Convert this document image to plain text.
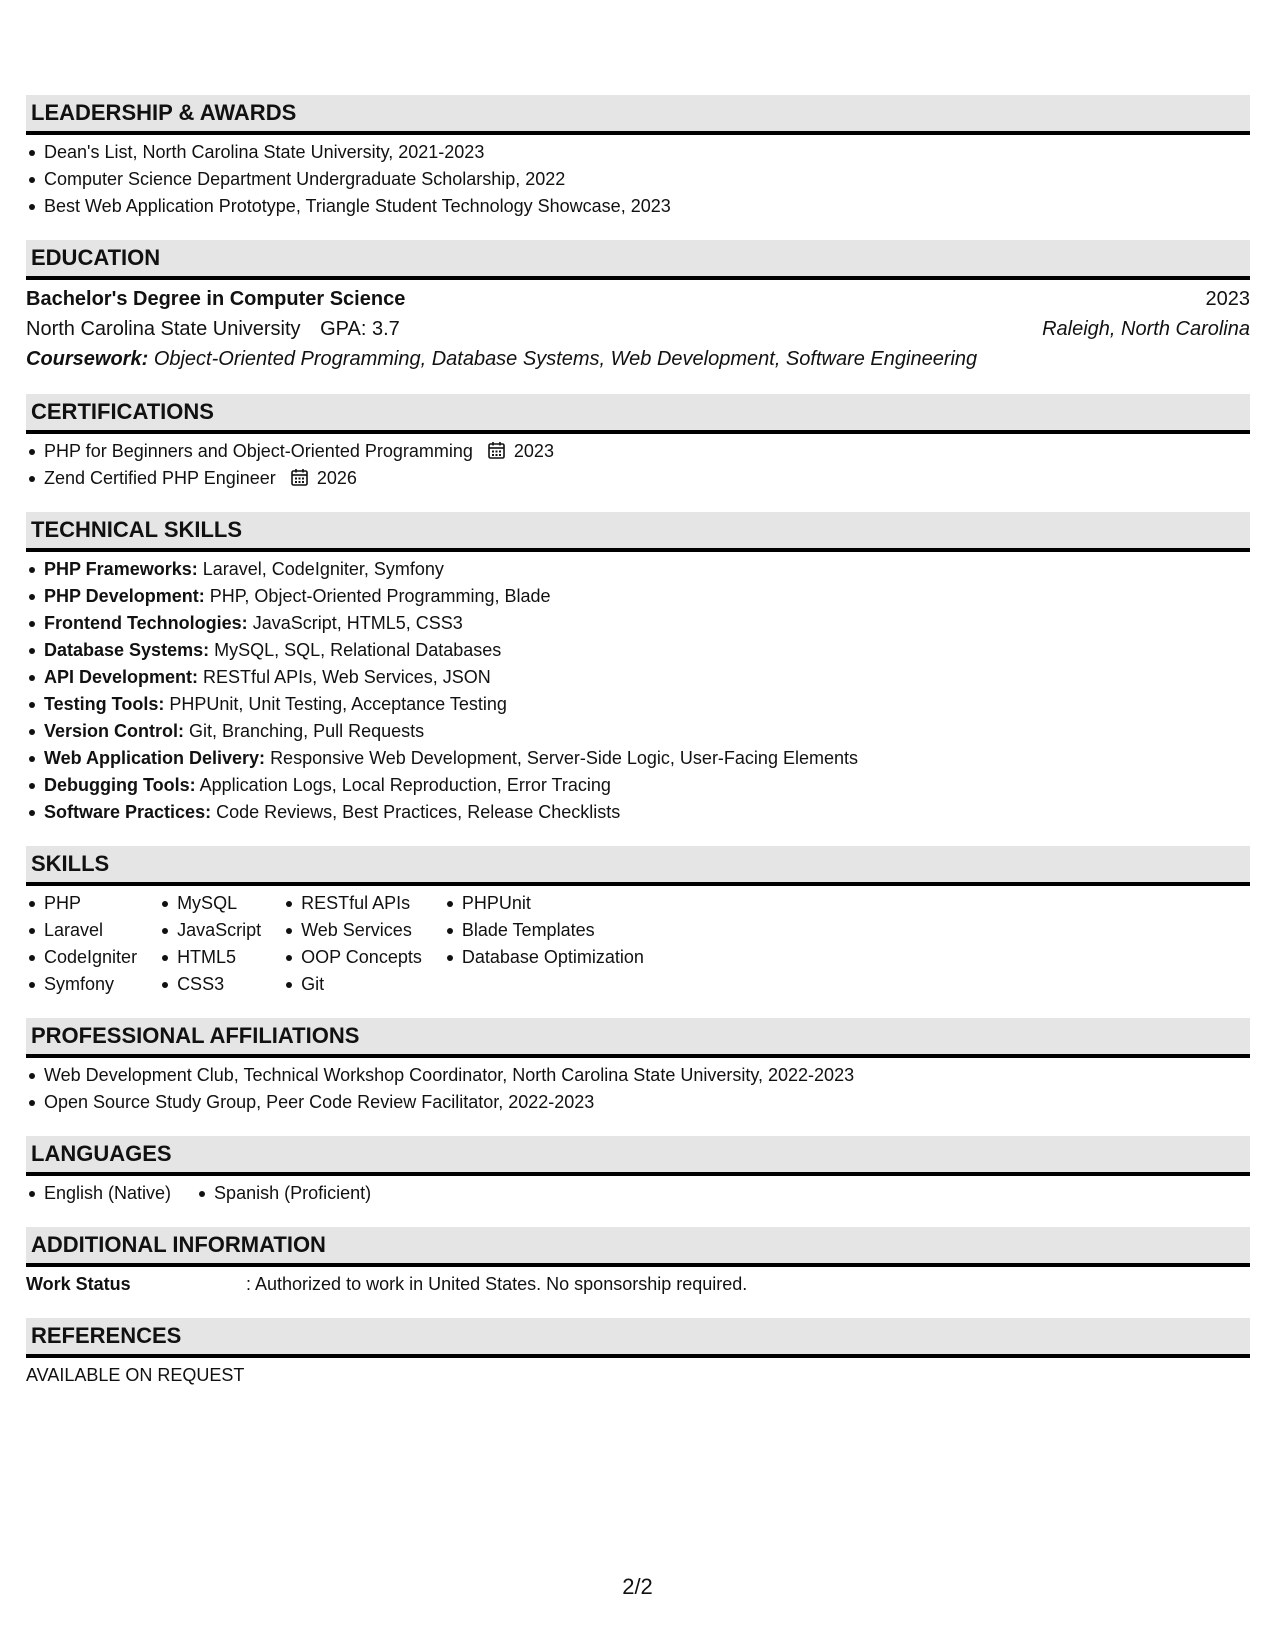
LEADERSHIP & AWARDS
Dean's List, North Carolina State University, 2021-2023
Computer Science Department Undergraduate Scholarship, 2022
Best Web Application Prototype, Triangle Student Technology Showcase, 2023
EDUCATION
Bachelor's Degree in Computer Science	2023
North Carolina State University GPA: 3.7	Raleigh, North Carolina
Coursework: Object-Oriented Programming, Database Systems, Web Development, Software Engineering
CERTIFICATIONS
PHP for Beginners and Object-Oriented Programming 2023
Zend Certified PHP Engineer 2026
TECHNICAL SKILLS
PHP Frameworks: Laravel, CodeIgniter, Symfony
PHP Development: PHP, Object-Oriented Programming, Blade
Frontend Technologies: JavaScript, HTML5, CSS3
Database Systems: MySQL, SQL, Relational Databases
API Development: RESTful APIs, Web Services, JSON
Testing Tools: PHPUnit, Unit Testing, Acceptance Testing
Version Control: Git, Branching, Pull Requests
Web Application Delivery: Responsive Web Development, Server-Side Logic, User-Facing Elements
Debugging Tools: Application Logs, Local Reproduction, Error Tracing
Software Practices: Code Reviews, Best Practices, Release Checklists
SKILLS
PHP
Laravel
CodeIgniter
Symfony
MySQL
JavaScript
HTML5
CSS3
RESTful APIs
Web Services
OOP Concepts
Git
PHPUnit
Blade Templates
Database Optimization
PROFESSIONAL AFFILIATIONS
Web Development Club, Technical Workshop Coordinator, North Carolina State University, 2022-2023
Open Source Study Group, Peer Code Review Facilitator, 2022-2023
LANGUAGES
English (Native)	Spanish (Proficient)
ADDITIONAL INFORMATION
Work Status	: Authorized to work in United States. No sponsorship required.
REFERENCES
AVAILABLE ON REQUEST
2/2
